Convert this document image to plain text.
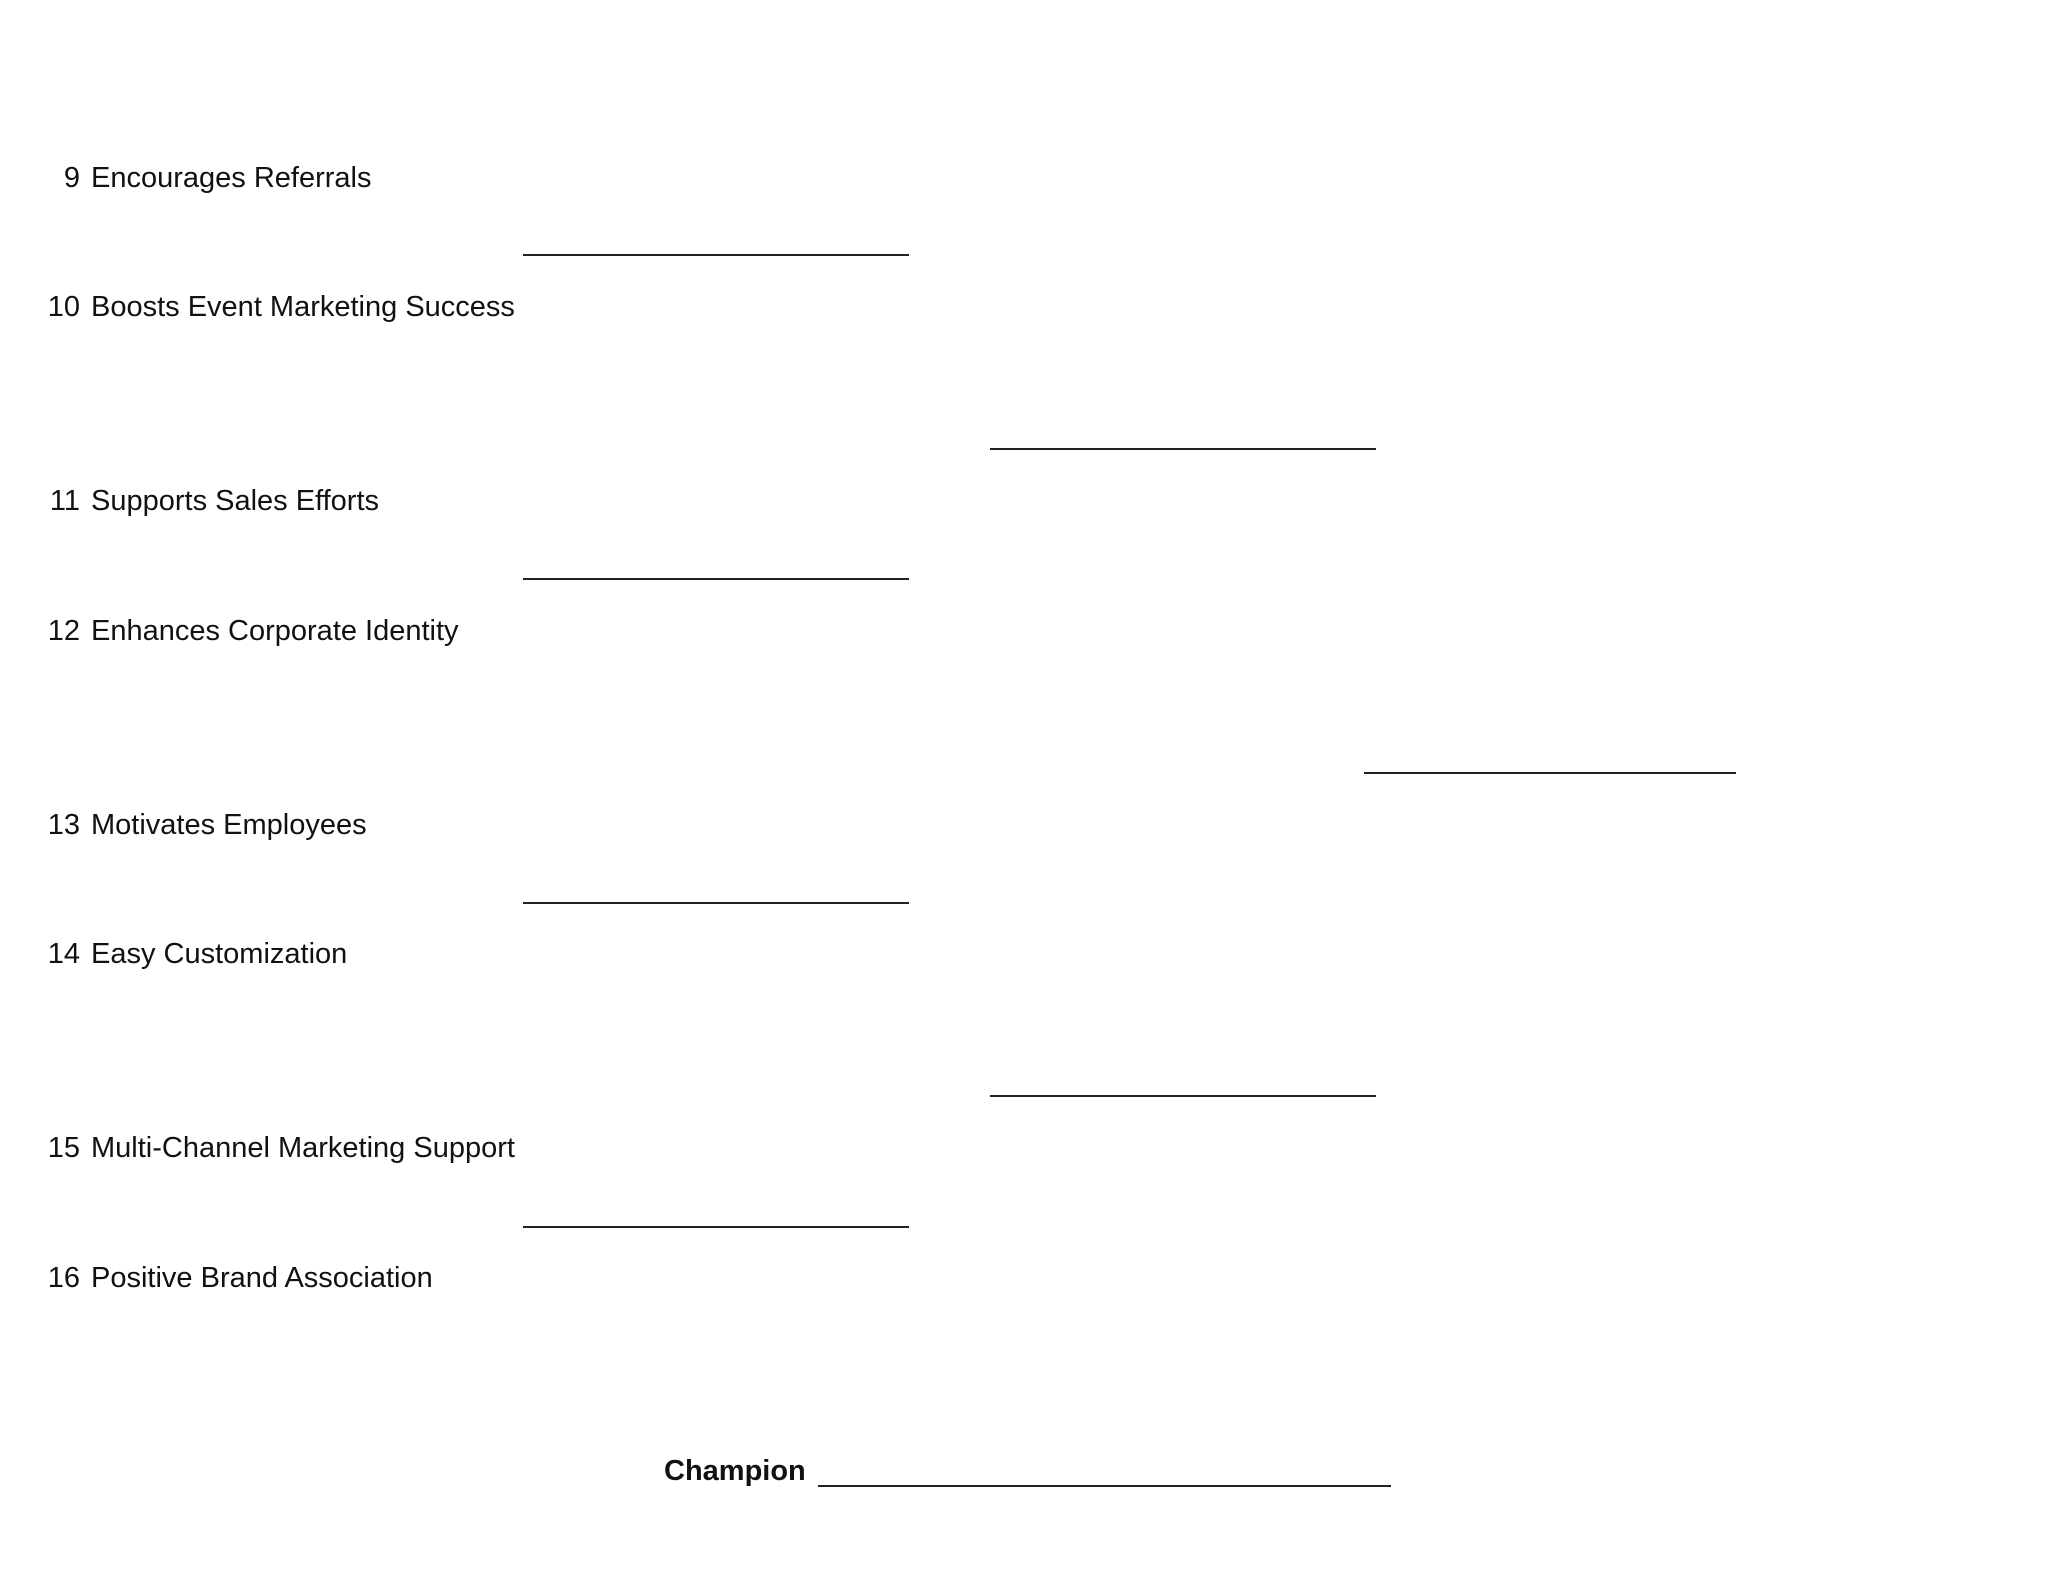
9 Encourages Referrals
10 Boosts Event Marketing Success
11 Supports Sales Efforts
12 Enhances Corporate Identity
13 Motivates Employees
14 Easy Customization
15 Multi-Channel Marketing Support
16 Positive Brand Association
Champion
